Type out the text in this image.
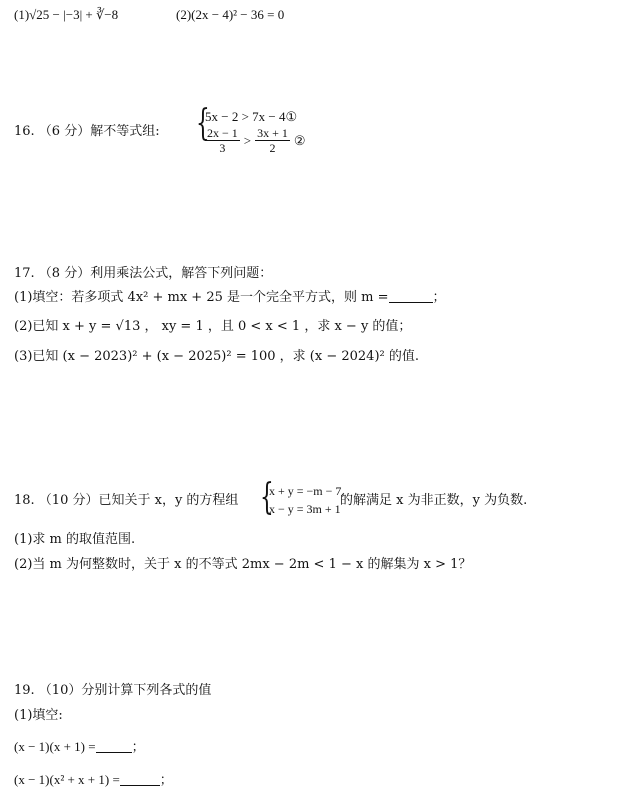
(1)√25 − |−3| + ∛−8	(2)(2x − 4)² − 36 = 0
16. （6 分）解不等式组: {
5x − 2 > 7x − 4①
$\frac{2x - 1}{3} > \frac{3x + 1}{2}$ ②
17. （8 分）利用乘法公式，解答下列问题：
(1)填空：若多项式 4x² + mx + 25 是一个完全平方式，则 m =	；
(2)已知 x + y = √13 ， xy = 1 ，且 0 < x < 1 ，求 x − y 的值；
(3)已知 (x − 2023)² + (x − 2025)² = 100 ，求 (x − 2024)² 的值.
18. （10 分）已知关于 x，y 的方程组 {
x + y = −m − 7,
x − y = 3m + 1
的解满足 x 为非正数，y 为负数.
(1)求 m 的取值范围.
(2)当 m 为何整数时，关于 x 的不等式 2mx − 2m < 1 − x 的解集为 x > 1？
19. （10）分别计算下列各式的值
(1)填空:
(x − 1)(x + 1) =	；
(x − 1)(x² + x + 1) =	；
